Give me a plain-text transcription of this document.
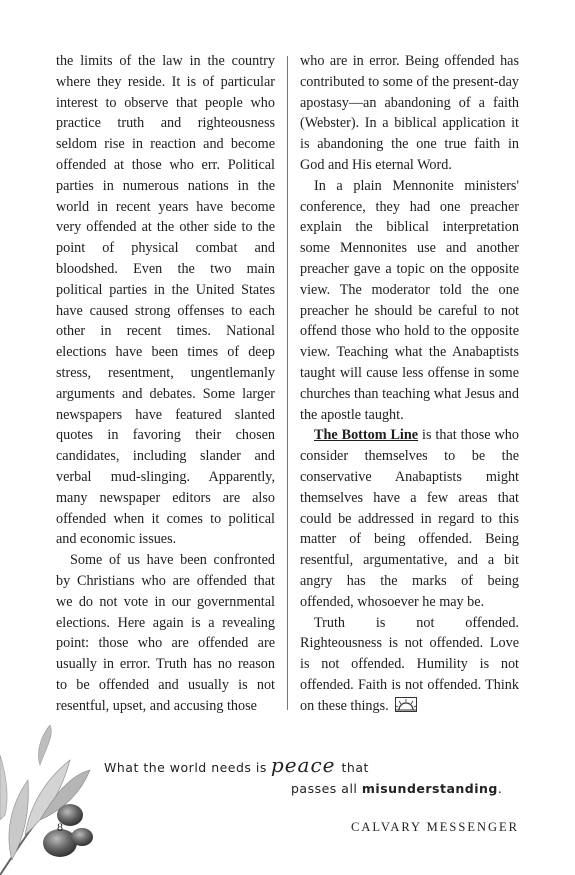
the limits of the law in the country where they reside. It is of particular interest to observe that people who practice truth and righteousness seldom rise in reaction and become offended at those who err. Political parties in numerous nations in the world in recent years have become very offended at the other side to the point of physical combat and bloodshed. Even the two main political parties in the United States have caused strong offenses to each other in recent times. National elections have been times of deep stress, resentment, ungentlemanly arguments and debates. Some larger newspapers have featured slanted quotes in favoring their chosen candidates, including slander and verbal mud-slinging. Apparently, many newspaper editors are also offended when it comes to political and economic issues.

Some of us have been confronted by Christians who are offended that we do not vote in our governmental elections. Here again is a revealing point: those who are offended are usually in error. Truth has no reason to be offended and usually is not resentful, upset, and accusing those

who are in error. Being offended has contributed to some of the present-day apostasy—an abandoning of a faith (Webster). In a biblical application it is abandoning the one true faith in God and His eternal Word.

In a plain Mennonite ministers' conference, they had one preacher explain the biblical interpretation some Mennonites use and another preacher gave a topic on the opposite view. The moderator told the one preacher he should be careful to not offend those who hold to the opposite view. Teaching what the Anabaptists taught will cause less offense in some churches than teaching what Jesus and the apostle taught.

The Bottom Line is that those who consider themselves to be the conservative Anabaptists might themselves have a few areas that could be addressed in regard to this matter of being offended. Being resentful, argumentative, and a bit angry has the marks of being offended, whosoever he may be.

Truth is not offended. Righteousness is not offended. Love is not offended. Humility is not offended. Faith is not offended. Think on these things.

What the world needs is peace that
passes all misunderstanding.
8	CALVARY MESSENGER
